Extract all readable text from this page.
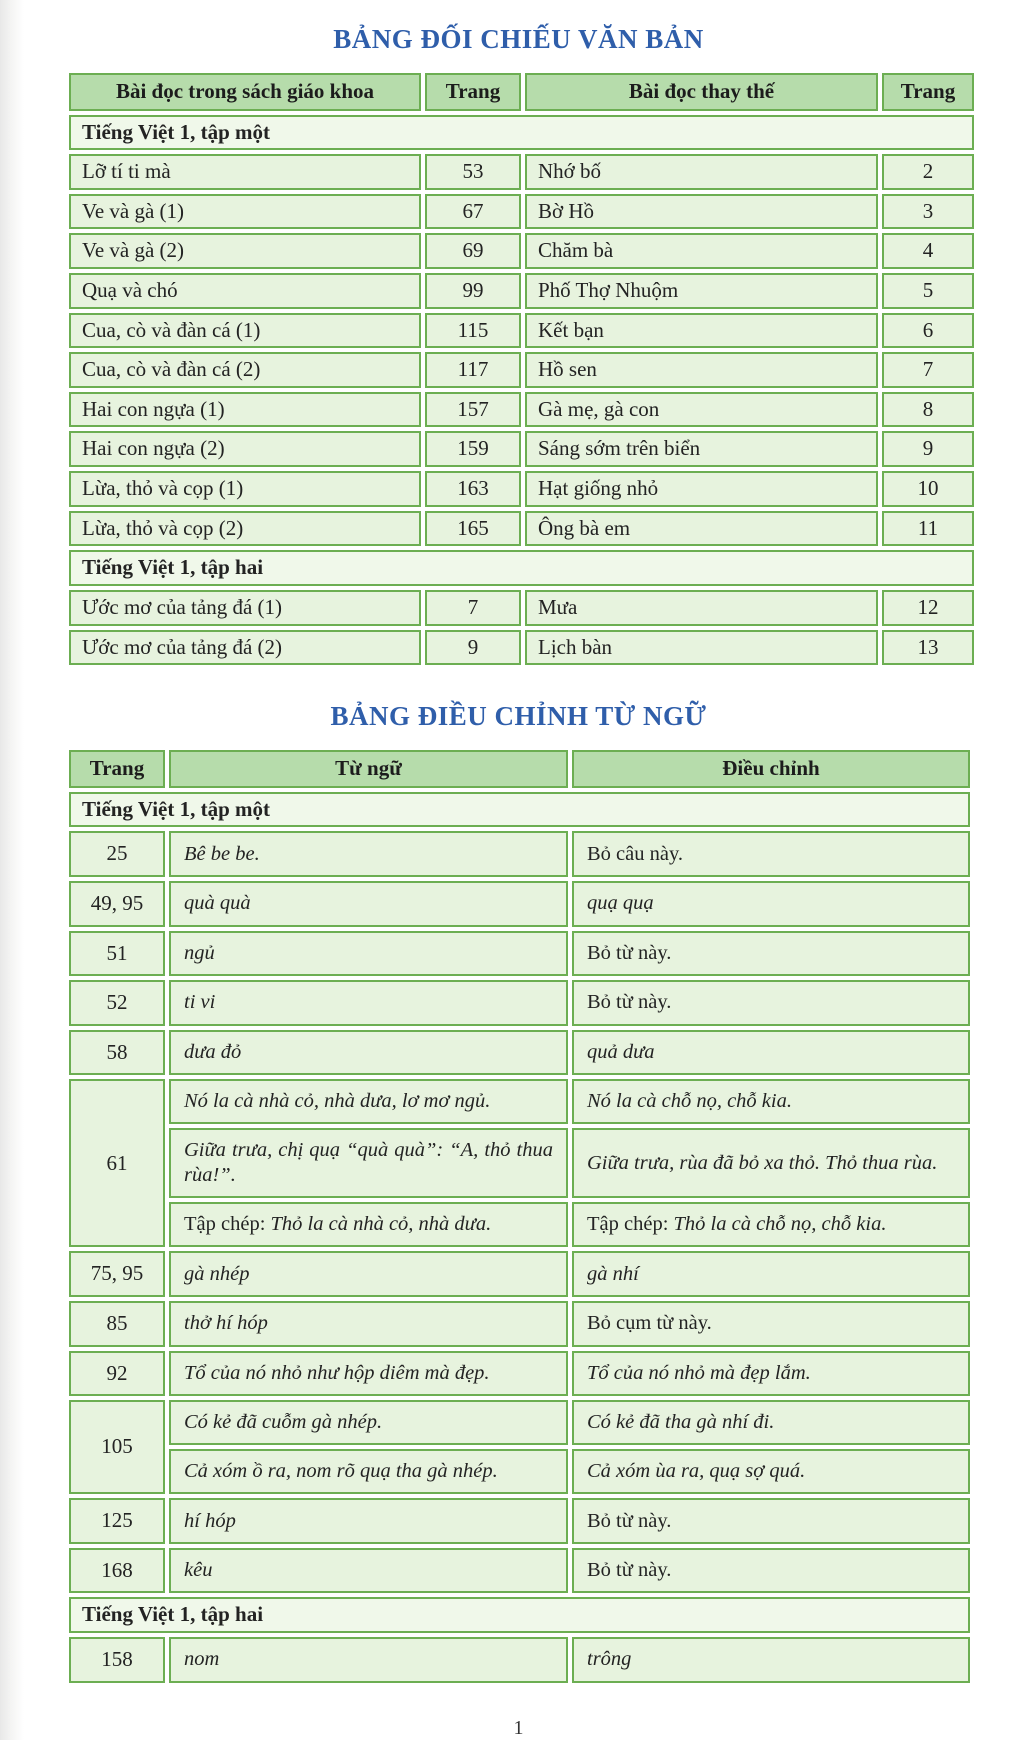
BẢNG ĐỐI CHIẾU VĂN BẢN
Bài đọc trong sách giáo khoa	Trang	Bài đọc thay thế	Trang
Tiếng Việt 1, tập một			
Lỡ tí ti mà	53	Nhớ bố	2
Ve và gà (1)	67	Bờ Hồ	3
Ve và gà (2)	69	Chăm bà	4
Quạ và chó	99	Phố Thợ Nhuộm	5
Cua, cò và đàn cá (1)	115	Kết bạn	6
Cua, cò và đàn cá (2)	117	Hồ sen	7
Hai con ngựa (1)	157	Gà mẹ, gà con	8
Hai con ngựa (2)	159	Sáng sớm trên biển	9
Lừa, thỏ và cọp (1)	163	Hạt giống nhỏ	10
Lừa, thỏ và cọp (2)	165	Ông bà em	11
Tiếng Việt 1, tập hai			
Ước mơ của tảng đá (1)	7	Mưa	12
Ước mơ của tảng đá (2)	9	Lịch bàn	13
BẢNG ĐIỀU CHỈNH TỪ NGỮ
Trang	Từ ngữ	Điều chỉnh
Tiếng Việt 1, tập một		
25	Bê be be.	Bỏ câu này.
49, 95	quà quà	quạ quạ
51	ngủ	Bỏ từ này.
52	ti vi	Bỏ từ này.
58	dưa đỏ	quả dưa
61	Nó la cà nhà cỏ, nhà dưa, lơ mơ ngủ.	Nó la cà chỗ nọ, chỗ kia.
	Giữa trưa, chị quạ “quà quà”: “A, thỏ thua rùa!”.	Giữa trưa, rùa đã bỏ xa thỏ. Thỏ thua rùa.
	Tập chép: Thỏ la cà nhà cỏ, nhà dưa.	Tập chép: Thỏ la cà chỗ nọ, chỗ kia.
75, 95	gà nhép	gà nhí
85	thở hí hóp	Bỏ cụm từ này.
92	Tổ của nó nhỏ như hộp diêm mà đẹp.	Tổ của nó nhỏ mà đẹp lắm.
105	Có kẻ đã cuỗm gà nhép.	Có kẻ đã tha gà nhí đi.
	Cả xóm ồ ra, nom rõ quạ tha gà nhép.	Cả xóm ùa ra, quạ sợ quá.
125	hí hóp	Bỏ từ này.
168	kêu	Bỏ từ này.
Tiếng Việt 1, tập hai		
158	nom	trông
1
